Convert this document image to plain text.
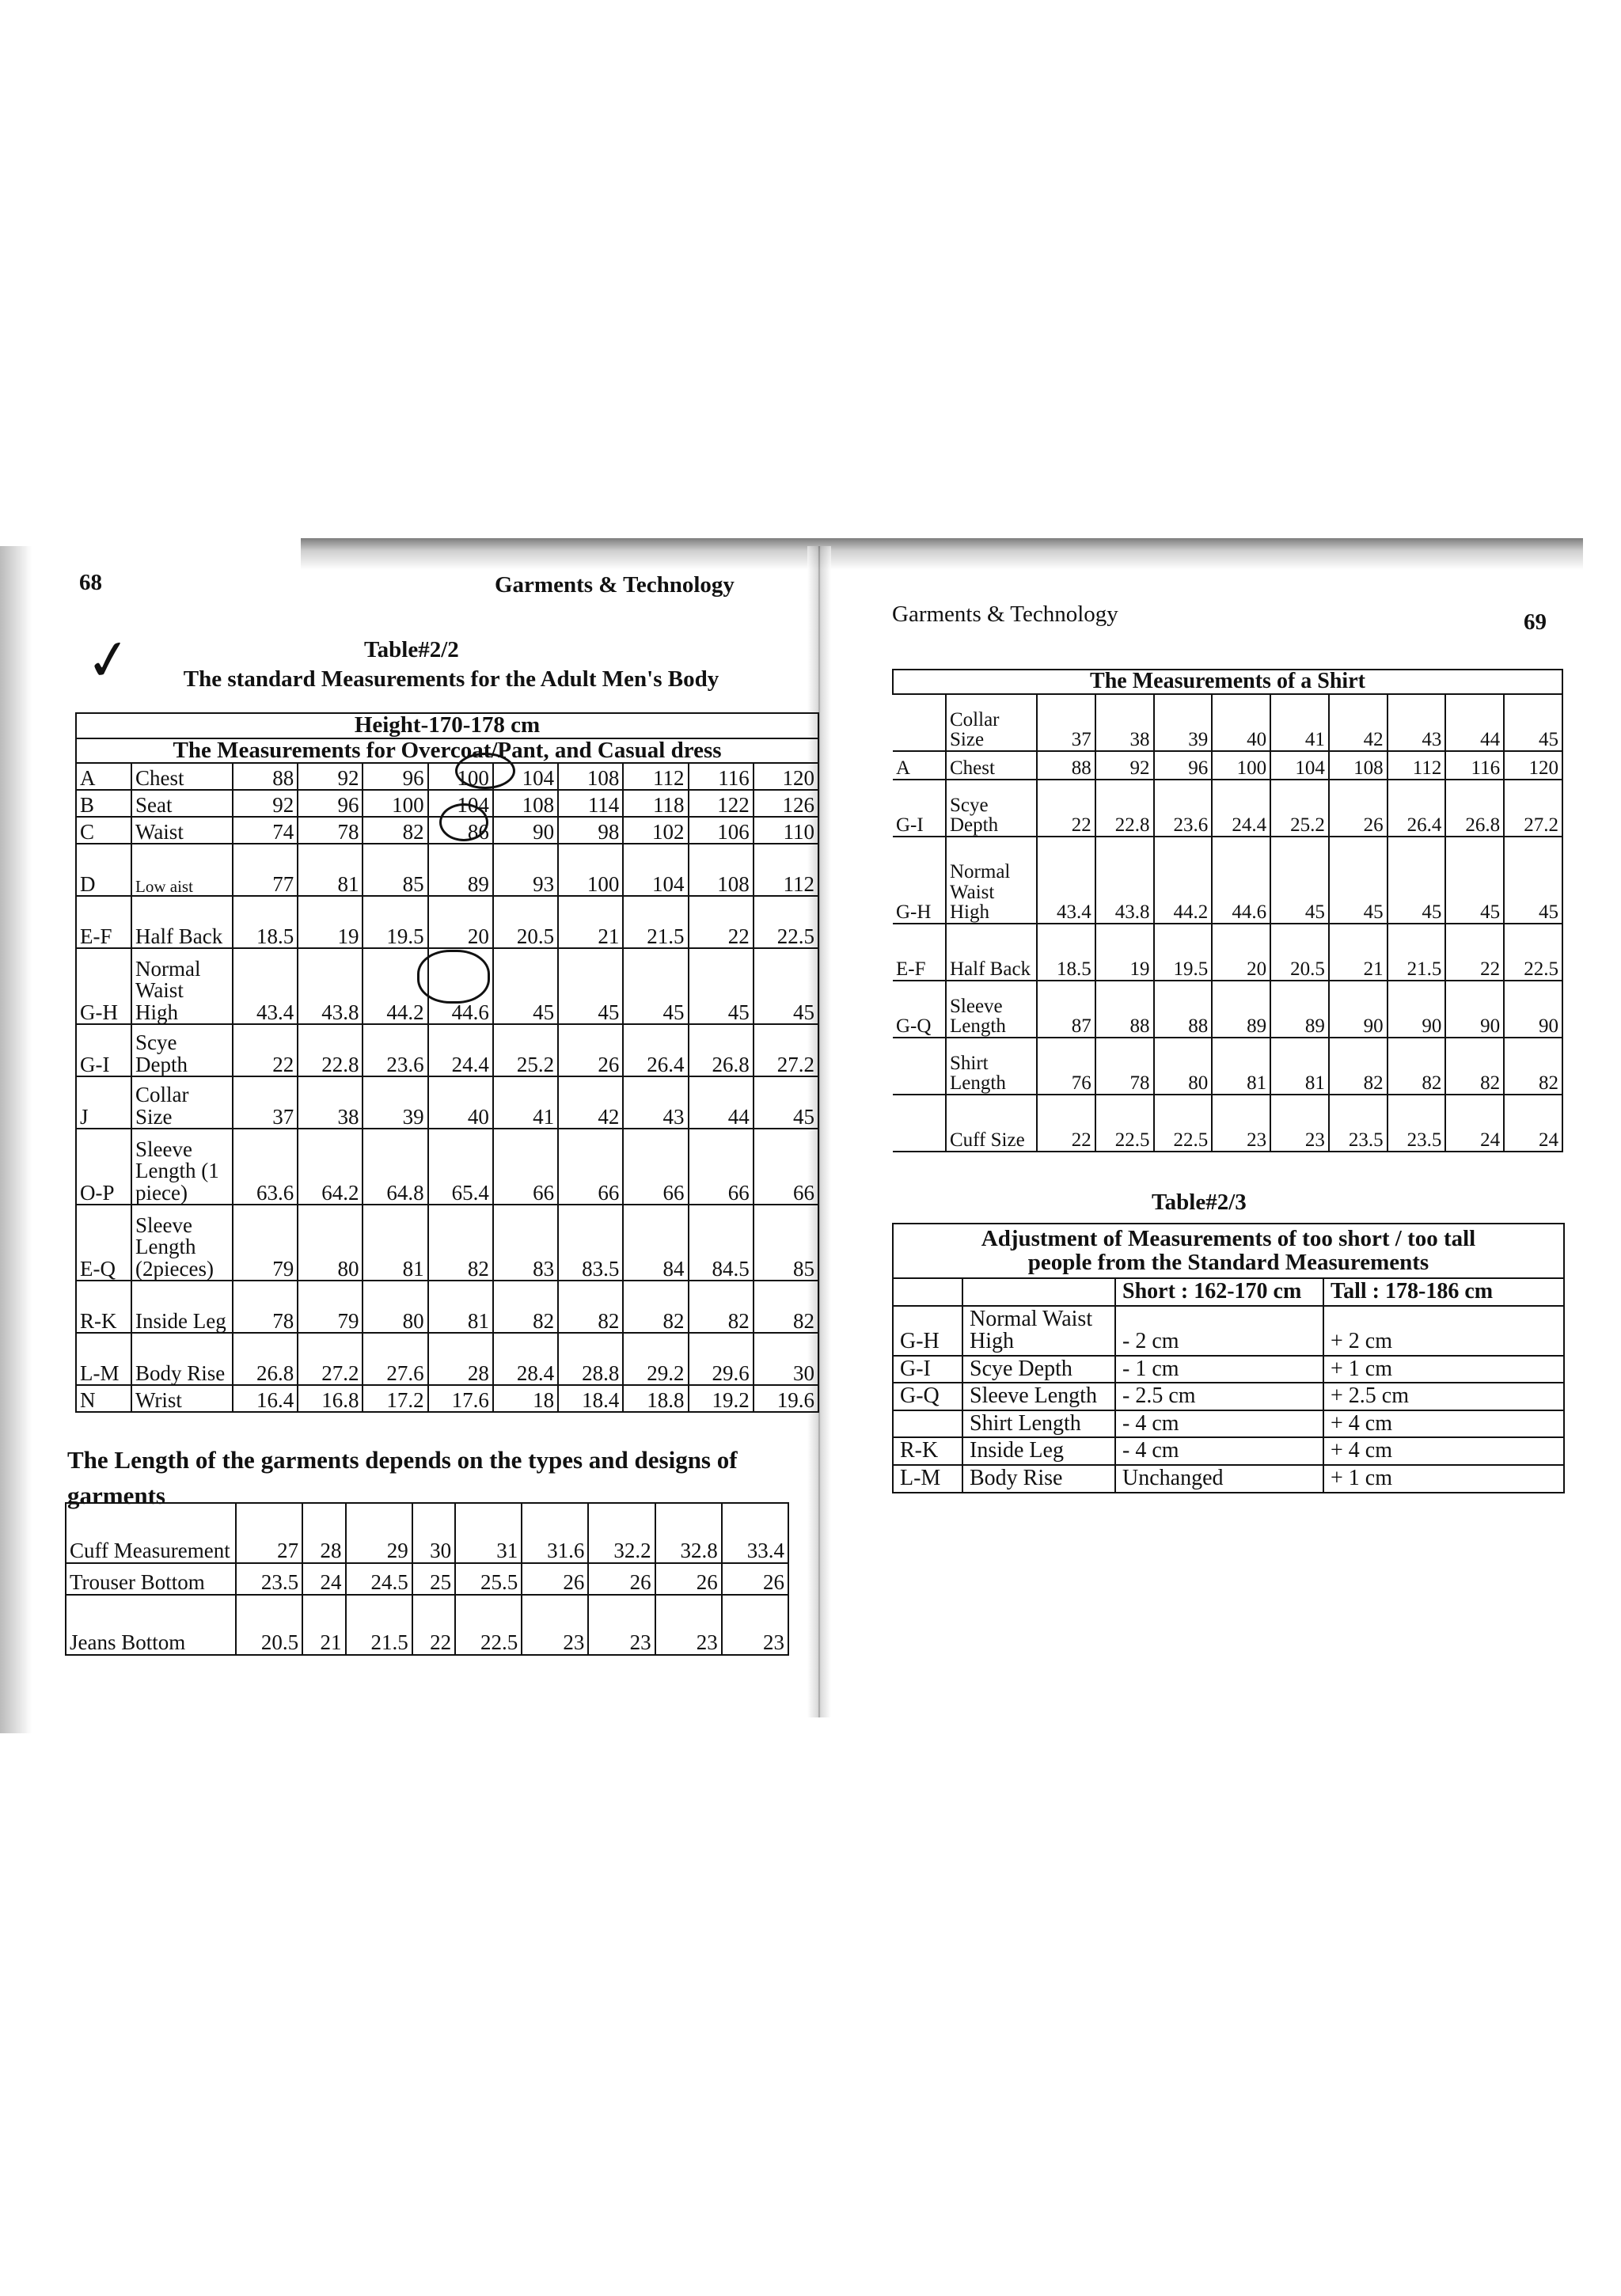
68	Garments & Technology
✓	Table#2/2
The standard Measurements for the Adult Men's Body
Height-170-178 cm										
The Measurements for Overcoat/Pant, and Casual dress										
A	Chest	88	92	96	100	104	108	112	116	120
B	Seat	92	96	100	104	108	114	118	122	126
C	Waist	74	78	82	86	90	98	102	106	110
D	Low aist	77	81	85	89	93	100	104	108	112
E-F	Half Back	18.5	19	19.5	20	20.5	21	21.5	22	22.5
G-H	Normal Waist High	43.4	43.8	44.2	44.6	45	45	45	45	45
G-I	Scye Depth	22	22.8	23.6	24.4	25.2	26	26.4	26.8	27.2
J	Collar Size	37	38	39	40	41	42	43	44	45
O-P	Sleeve Length (1 piece)	63.6	64.2	64.8	65.4	66	66	66	66	66
E-Q	Sleeve Length (2pieces)	79	80	81	82	83	83.5	84	84.5	85
R-K	Inside Leg	78	79	80	81	82	82	82	82	82
L-M	Body Rise	26.8	27.2	27.6	28	28.4	28.8	29.2	29.6	30
N	Wrist	16.4	16.8	17.2	17.6	18	18.4	18.8	19.2	19.6
The Length of the garments depends on the types and designs of garments
Cuff Measurement	27	28	29	30	31	31.6	32.2	32.8	33.4
Trouser Bottom	23.5	24	24.5	25	25.5	26	26	26	26
Jeans Bottom	20.5	21	21.5	22	22.5	23	23	23	23
Garments & Technology	69
The Measurements of a Shirt										
	Collar Size	37	38	39	40	41	42	43	44	45
A	Chest	88	92	96	100	104	108	112	116	120
G-I	Scye Depth	22	22.8	23.6	24.4	25.2	26	26.4	26.8	27.2
G-H	Normal Waist High	43.4	43.8	44.2	44.6	45	45	45	45	45
E-F	Half Back	18.5	19	19.5	20	20.5	21	21.5	22	22.5
G-Q	Sleeve Length	87	88	88	89	89	90	90	90	90
	Shirt Length	76	78	80	81	81	82	82	82	82
	Cuff Size	22	22.5	22.5	23	23	23.5	23.5	24	24
Table#2/3
Adjustment of Measurements of too short / too tall people from the Standard Measurements			
		Short : 162-170 cm	Tall : 178-186 cm
G-H	Normal Waist High	- 2 cm	+ 2 cm
G-I	Scye Depth	- 1 cm	+ 1 cm
G-Q	Sleeve Length	- 2.5 cm	+ 2.5 cm
	Shirt Length	- 4 cm	+ 4 cm
R-K	Inside Leg	- 4 cm	+ 4 cm
L-M	Body Rise	Unchanged	+ 1 cm
